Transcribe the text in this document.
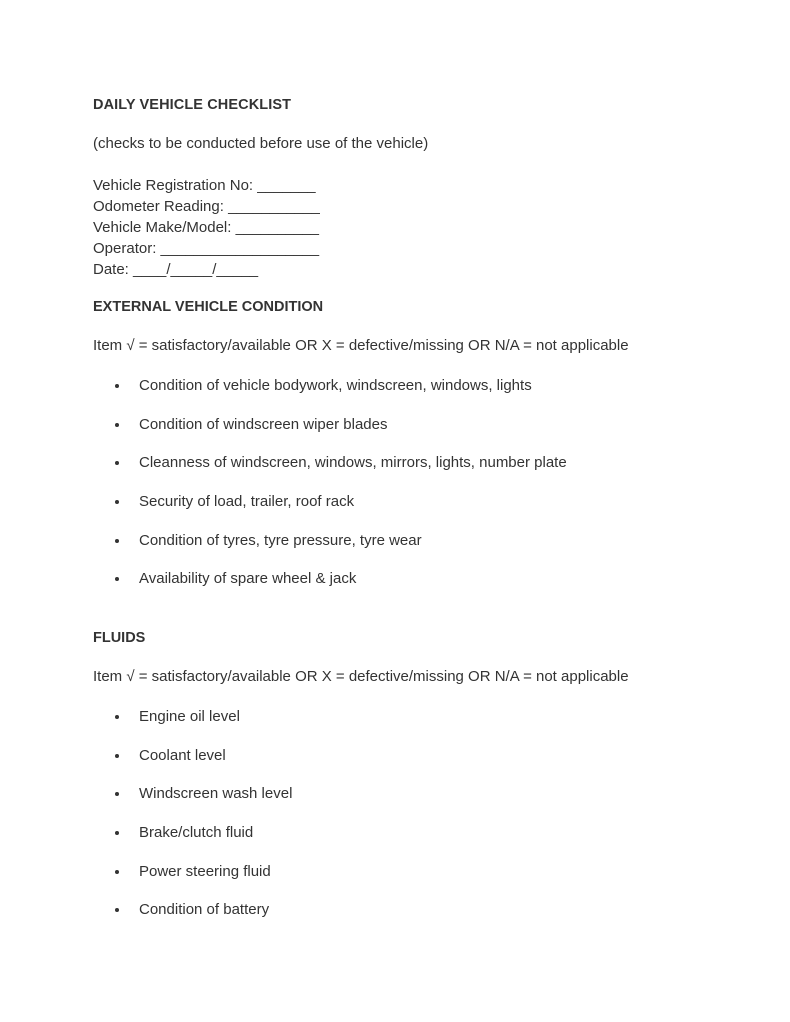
DAILY VEHICLE CHECKLIST
(checks to be conducted before use of the vehicle)
Vehicle Registration No: _______
Odometer Reading: ___________
Vehicle Make/Model: __________
Operator: ___________________
Date: ____/_____/_____
EXTERNAL VEHICLE CONDITION
Item √ = satisfactory/available OR X = defective/missing OR N/A = not applicable
Condition of vehicle bodywork, windscreen, windows, lights
Condition of windscreen wiper blades
Cleanness of windscreen, windows, mirrors, lights, number plate
Security of load, trailer, roof rack
Condition of tyres, tyre pressure, tyre wear
Availability of spare wheel & jack
FLUIDS
Item √ = satisfactory/available OR X = defective/missing OR N/A = not applicable
Engine oil level
Coolant level
Windscreen wash level
Brake/clutch fluid
Power steering fluid
Condition of battery
